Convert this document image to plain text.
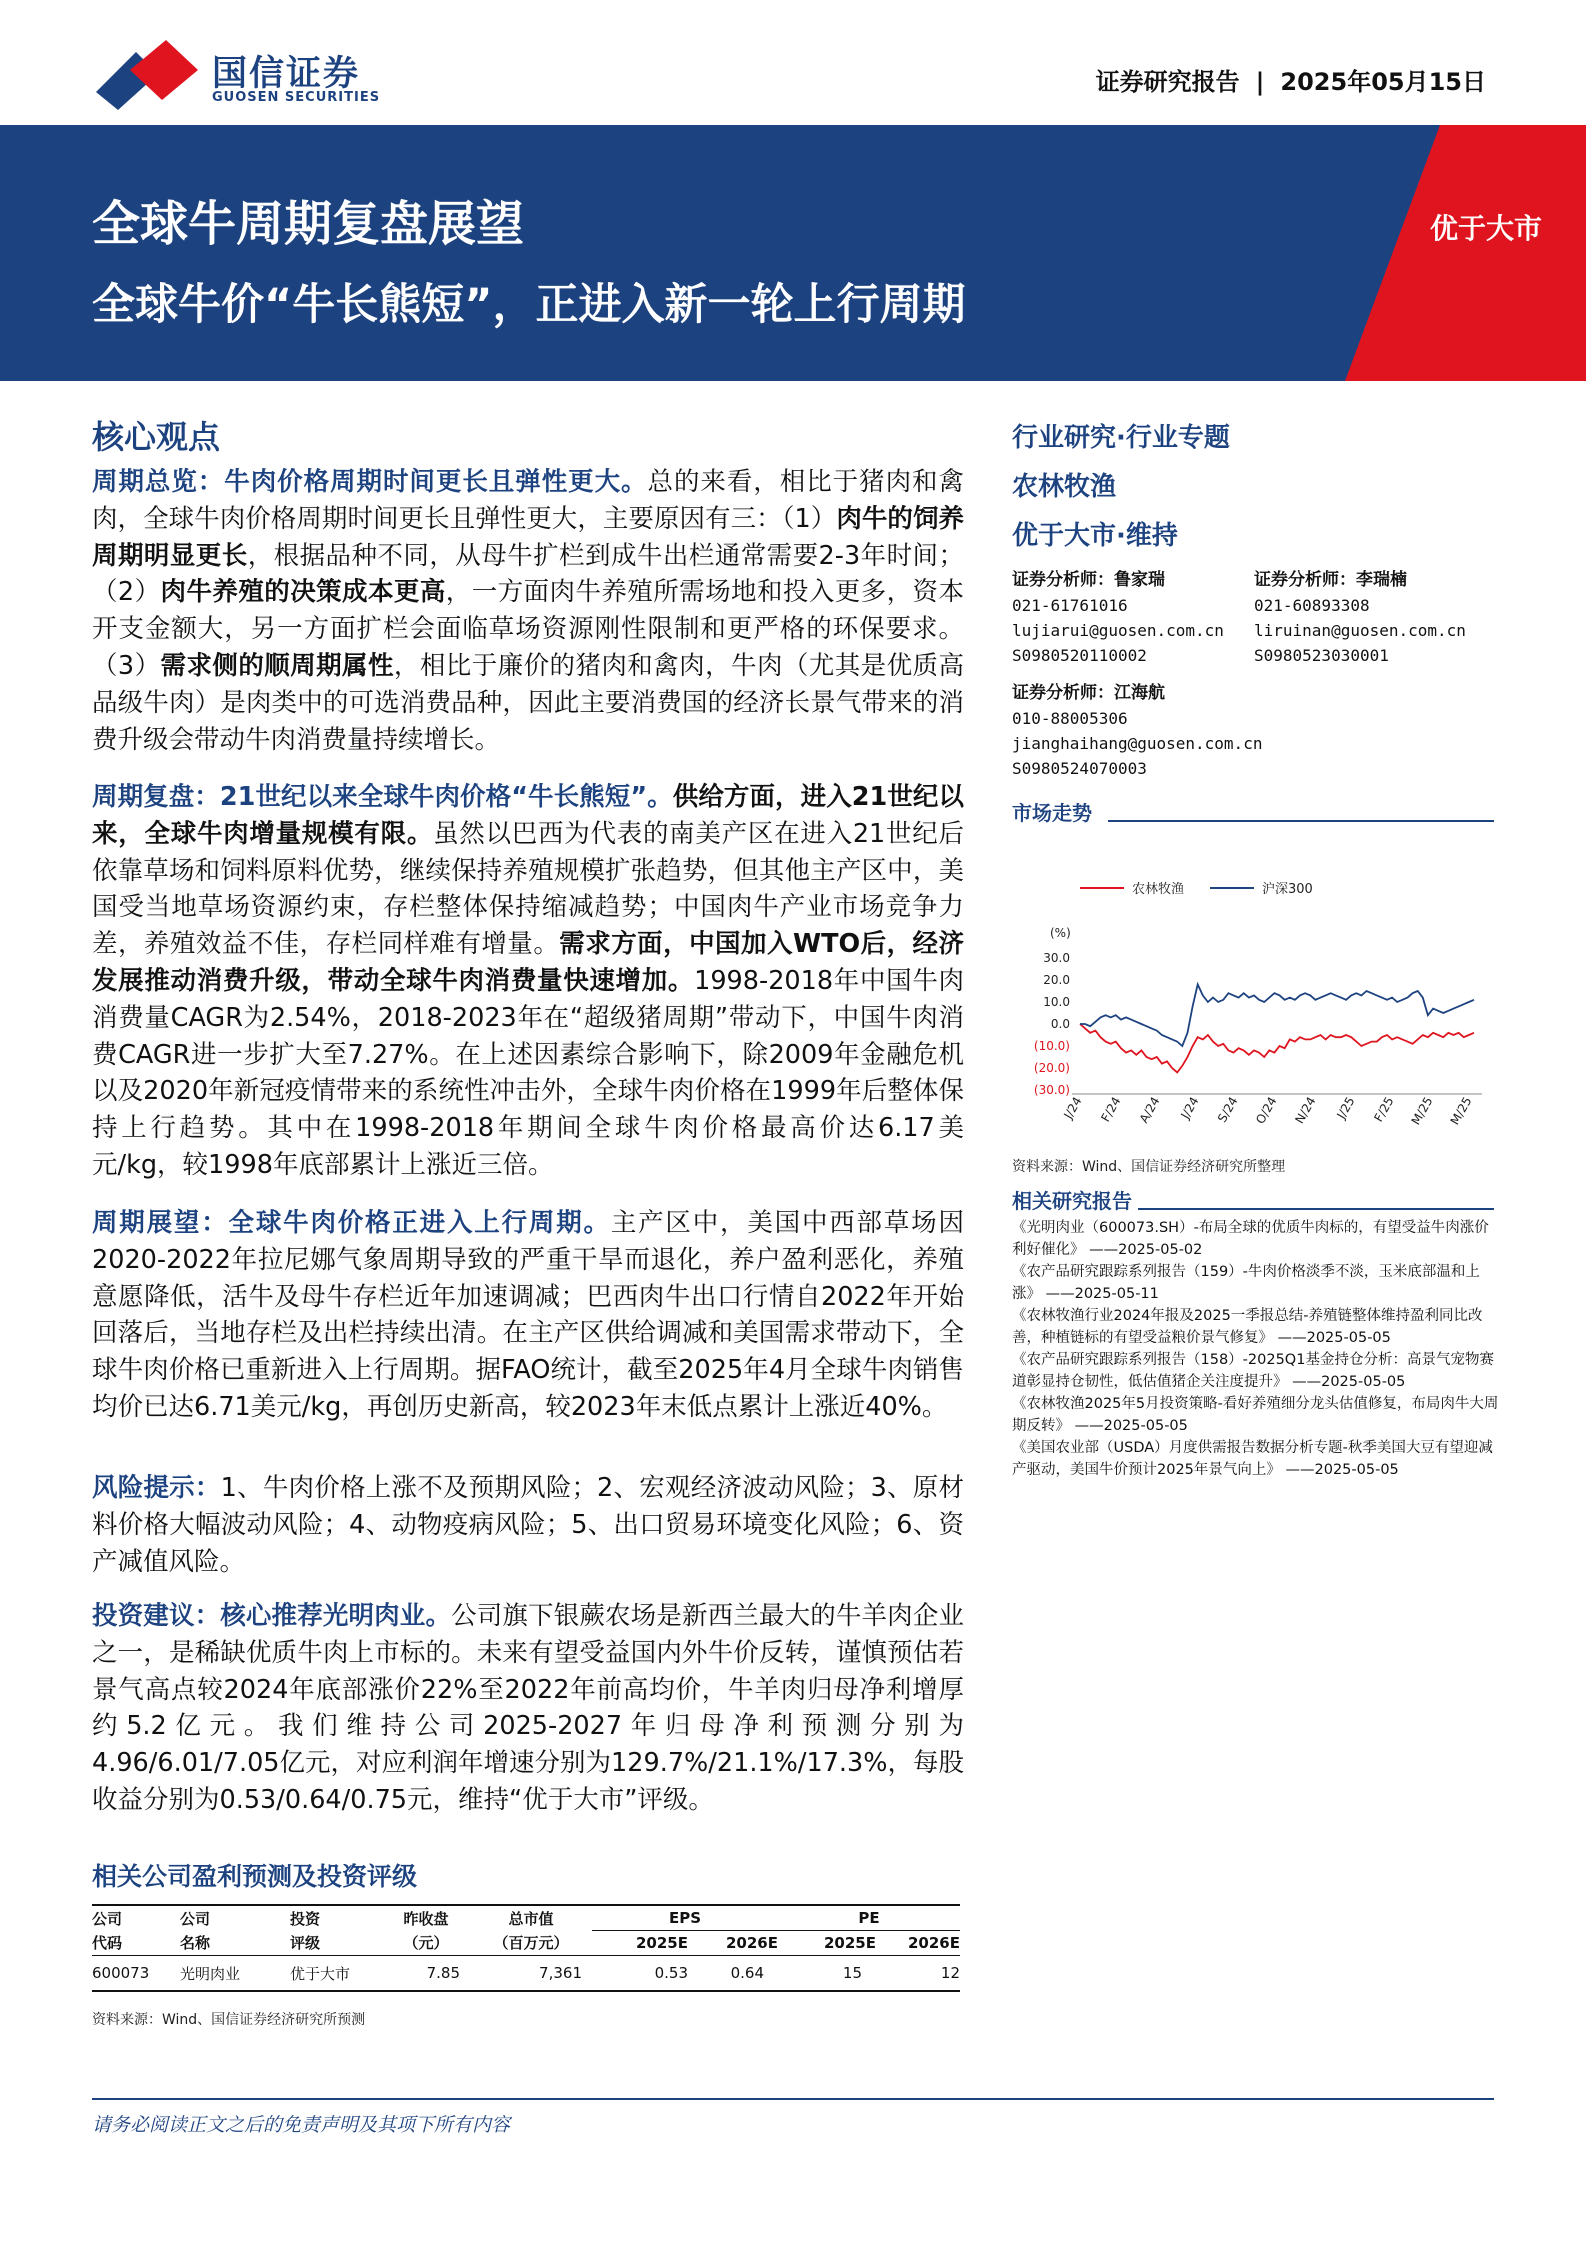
国信证券
GUOSEN SECURITIES
证券研究报告 | 2025年05月15日
全球牛周期复盘展望
全球牛价“牛长熊短”，正进入新一轮上行周期
优于大市
核心观点
周期总览：牛肉价格周期时间更长且弹性更大。总的来看，相比于猪肉和禽肉，全球牛肉价格周期时间更长且弹性更大，主要原因有三：（1）肉牛的饲养周期明显更长，根据品种不同，从母牛扩栏到成牛出栏通常需要2-3年时间；（2）肉牛养殖的决策成本更高，一方面肉牛养殖所需场地和投入更多，资本开支金额大，另一方面扩栏会面临草场资源刚性限制和更严格的环保要求。（3）需求侧的顺周期属性，相比于廉价的猪肉和禽肉，牛肉（尤其是优质高品级牛肉）是肉类中的可选消费品种，因此主要消费国的经济长景气带来的消费升级会带动牛肉消费量持续增长。
周期复盘：21世纪以来全球牛肉价格“牛长熊短”。供给方面，进入21世纪以来，全球牛肉增量规模有限。虽然以巴西为代表的南美产区在进入21世纪后依靠草场和饲料原料优势，继续保持养殖规模扩张趋势，但其他主产区中，美国受当地草场资源约束，存栏整体保持缩减趋势；中国肉牛产业市场竞争力差，养殖效益不佳，存栏同样难有增量。需求方面，中国加入WTO后，经济发展推动消费升级，带动全球牛肉消费量快速增加。1998-2018年中国牛肉消费量CAGR为2.54%，2018-2023年在“超级猪周期”带动下，中国牛肉消费CAGR进一步扩大至7.27%。在上述因素综合影响下，除2009年金融危机以及2020年新冠疫情带来的系统性冲击外，全球牛肉价格在1999年后整体保持上行趋势。其中在1998-2018年期间全球牛肉价格最高价达6.17美元/kg，较1998年底部累计上涨近三倍。
周期展望：全球牛肉价格正进入上行周期。主产区中，美国中西部草场因2020-2022年拉尼娜气象周期导致的严重干旱而退化，养户盈利恶化，养殖意愿降低，活牛及母牛存栏近年加速调减；巴西肉牛出口行情自2022年开始回落后，当地存栏及出栏持续出清。在主产区供给调减和美国需求带动下，全球牛肉价格已重新进入上行周期。据FAO统计，截至2025年4月全球牛肉销售均价已达6.71美元/kg，再创历史新高，较2023年末低点累计上涨近40%。
风险提示：1、牛肉价格上涨不及预期风险；2、宏观经济波动风险；3、原材料价格大幅波动风险；4、动物疫病风险；5、出口贸易环境变化风险；6、资产减值风险。
投资建议：核心推荐光明肉业。公司旗下银蕨农场是新西兰最大的牛羊肉企业之一，是稀缺优质牛肉上市标的。未来有望受益国内外牛价反转，谨慎预估若景气高点较2024年底部涨价22%至2022年前高均价，牛羊肉归母净利增厚约5.2亿元。我们维持公司2025-2027年归母净利预测分别为4.96/6.01/7.05亿元，对应利润年增速分别为129.7%/21.1%/17.3%，每股收益分别为0.53/0.64/0.75元，维持“优于大市”评级。
相关公司盈利预测及投资评级
公司	公司	投资	昨收盘	总市值	EPS		PE	
代码	名称	评级	（元）	（百万元）	2025E	2026E	2025E	2026E
600073	光明肉业	优于大市	7.85	7,361	0.53	0.64	15	12
资料来源：Wind、国信证券经济研究所预测
行业研究·行业专题
农林牧渔
优于大市·维持
证券分析师：鲁家瑞
021-61761016
lujiarui@guosen.com.cn
S0980520110002
证券分析师：李瑞楠
021-60893308
liruinan@guosen.com.cn
S0980523030001
证券分析师：江海航
010-88005306
jianghaihang@guosen.com.cn
S0980524070003
市场走势
农林牧渔	沪深300
(%)
30.0
20.0
10.0
0.0
(10.0)
(20.0)
(30.0)
J/24 F/24 A/24 J/24 S/24 O/24 N/24 J/25 F/25 M/25 M/25
资料来源：Wind、国信证券经济研究所整理
相关研究报告
《光明肉业（600073.SH）-布局全球的优质牛肉标的，有望受益牛肉涨价利好催化》 ——2025-05-02
《农产品研究跟踪系列报告（159）-牛肉价格淡季不淡，玉米底部温和上涨》 ——2025-05-11
《农林牧渔行业2024年报及2025一季报总结-养殖链整体维持盈利同比改善，种植链标的有望受益粮价景气修复》 ——2025-05-05
《农产品研究跟踪系列报告（158）-2025Q1基金持仓分析：高景气宠物赛道彰显持仓韧性，低估值猪企关注度提升》 ——2025-05-05
《农林牧渔2025年5月投资策略-看好养殖细分龙头估值修复，布局肉牛大周期反转》 ——2025-05-05
《美国农业部（USDA）月度供需报告数据分析专题-秋季美国大豆有望迎减产驱动，美国牛价预计2025年景气向上》 ——2025-05-05
请务必阅读正文之后的免责声明及其项下所有内容
